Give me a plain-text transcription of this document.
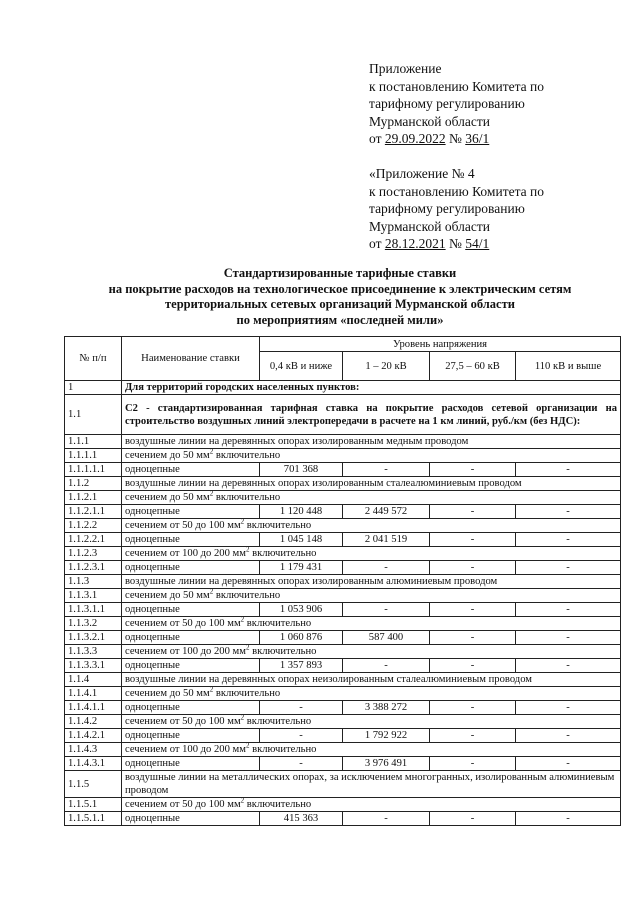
Приложение
к постановлению Комитета по
тарифному регулированию
Мурманской области
от 29.09.2022 № 36/1
«Приложение № 4
к постановлению Комитета по
тарифному регулированию
Мурманской области
от 28.12.2021 № 54/1
Стандартизированные тарифные ставки
на покрытие расходов на технологическое присоединение к электрическим сетям
территориальных сетевых организаций Мурманской области
по мероприятиям «последней мили»
№ п/п	Наименование ставки	Уровень напряжения			
		0,4 кВ и ниже	1 – 20 кВ	27,5 – 60 кВ	110 кВ и выше
1	Для территорий городских населенных пунктов:				
1.1	С2 - стандартизированная тарифная ставка на покрытие расходов сетевой организации на строительство воздушных линий электропередачи в расчете на 1 км линий, руб./км (без НДС):				
1.1.1	воздушные линии на деревянных опорах изолированным медным проводом				
1.1.1.1	сечением до 50 $мм^2$ включительно				
1.1.1.1.1	одноцепные	701 368	-	-	-
1.1.2	воздушные линии на деревянных опорах изолированным сталеалюминиевым проводом				
1.1.2.1	сечением до 50 $мм^2$ включительно				
1.1.2.1.1	одноцепные	1 120 448	2 449 572	-	-
1.1.2.2	сечением от 50 до 100 $мм^2$ включительно				
1.1.2.2.1	одноцепные	1 045 148	2 041 519	-	-
1.1.2.3	сечением от 100 до 200 $мм^2$ включительно				
1.1.2.3.1	одноцепные	1 179 431	-	-	-
1.1.3	воздушные линии на деревянных опорах изолированным алюминиевым проводом				
1.1.3.1	сечением до 50 $мм^2$ включительно				
1.1.3.1.1	одноцепные	1 053 906	-	-	-
1.1.3.2	сечением от 50 до 100 $мм^2$ включительно				
1.1.3.2.1	одноцепные	1 060 876	587 400	-	-
1.1.3.3	сечением от 100 до 200 $мм^2$ включительно				
1.1.3.3.1	одноцепные	1 357 893	-	-	-
1.1.4	воздушные линии на деревянных опорах неизолированным сталеалюминиевым проводом				
1.1.4.1	сечением до 50 $мм^2$ включительно				
1.1.4.1.1	одноцепные	-	3 388 272	-	-
1.1.4.2	сечением от 50 до 100 $мм^2$ включительно				
1.1.4.2.1	одноцепные	-	1 792 922	-	-
1.1.4.3	сечением от 100 до 200 $мм^2$ включительно				
1.1.4.3.1	одноцепные	-	3 976 491	-	-
1.1.5	воздушные линии на металлических опорах, за исключением многогранных, изолированным алюминиевым проводом				
1.1.5.1	сечением от 50 до 100 $мм^2$ включительно				
1.1.5.1.1	одноцепные	415 363	-	-	-
